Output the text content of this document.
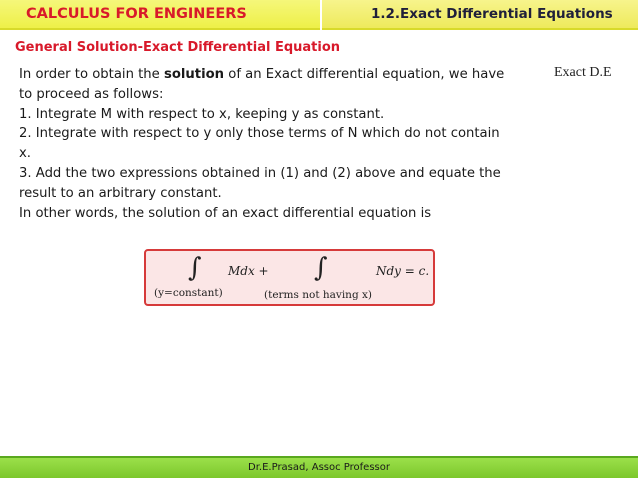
CALCULUS FOR ENGINEERS	1.2.Exact Differential Equations
General Solution-Exact Differential Equation
Exact D.E

In order to obtain the solution of an Exact differential equation, we have

to proceed as follows:

1. Integrate M with respect to x, keeping y as constant.

2. Integrate with respect to y only those terms of N which do not contain

x.

3. Add the two expressions obtained in (1) and (2) above and equate the

result to an arbitrary constant.

In other words, the solution of an exact differential equation is

∫ Mdx + ∫	Ndy = c.
(y=constant)	(terms not having x)
Dr.E.Prasad, Assoc Professor
